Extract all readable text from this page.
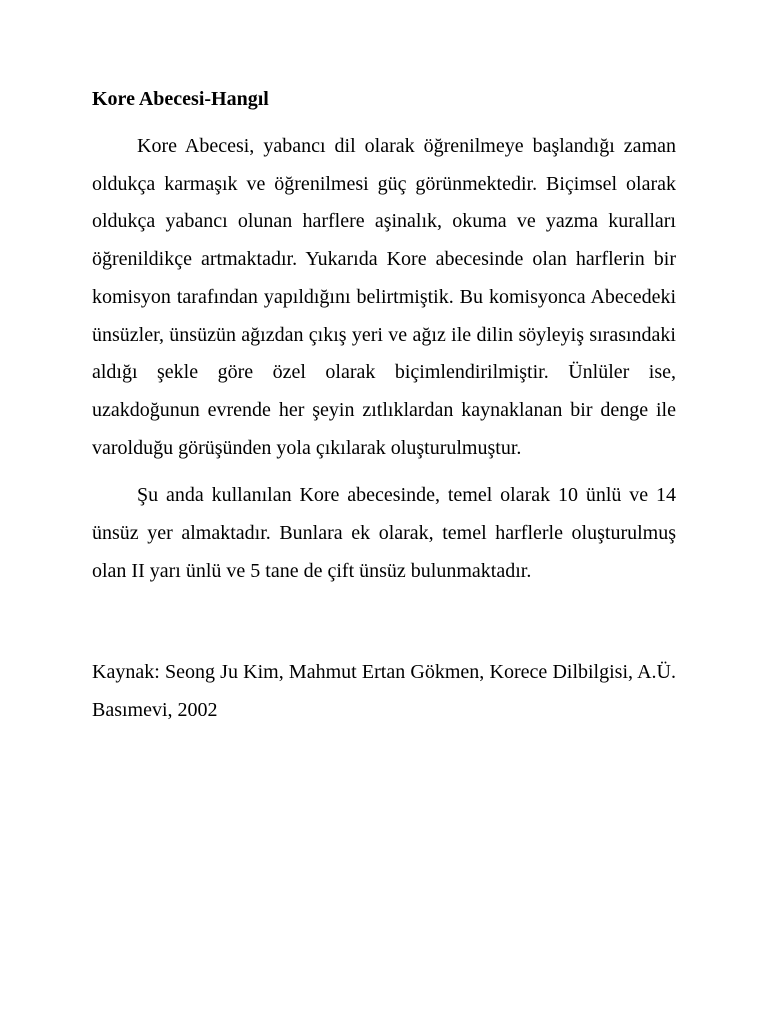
Kore Abecesi-Hangıl

Kore Abecesi, yabancı dil olarak öğrenilmeye başlandığı zaman oldukça karmaşık ve öğrenilmesi güç görünmektedir. Biçimsel olarak oldukça yabancı olunan harflere aşinalık, okuma ve yazma kuralları öğrenildikçe artmaktadır. Yukarıda Kore abecesinde olan harflerin bir komisyon tarafından yapıldığını belirtmiştik. Bu komisyonca Abecedeki ünsüzler, ünsüzün ağızdan çıkış yeri ve ağız ile dilin söyleyiş sırasındaki aldığı şekle göre özel olarak biçimlendirilmiştir. Ünlüler ise, uzakdoğunun evrende her şeyin zıtlıklardan kaynaklanan bir denge ile varolduğu görüşünden yola çıkılarak oluşturulmuştur.

Şu anda kullanılan Kore abecesinde, temel olarak 10 ünlü ve 14 ünsüz yer almaktadır. Bunlara ek olarak, temel harflerle oluşturulmuş olan II yarı ünlü ve 5 tane de çift ünsüz bulunmaktadır.

Kaynak: Seong Ju Kim, Mahmut Ertan Gökmen, Korece Dilbilgisi, A.Ü. Basımevi, 2002
